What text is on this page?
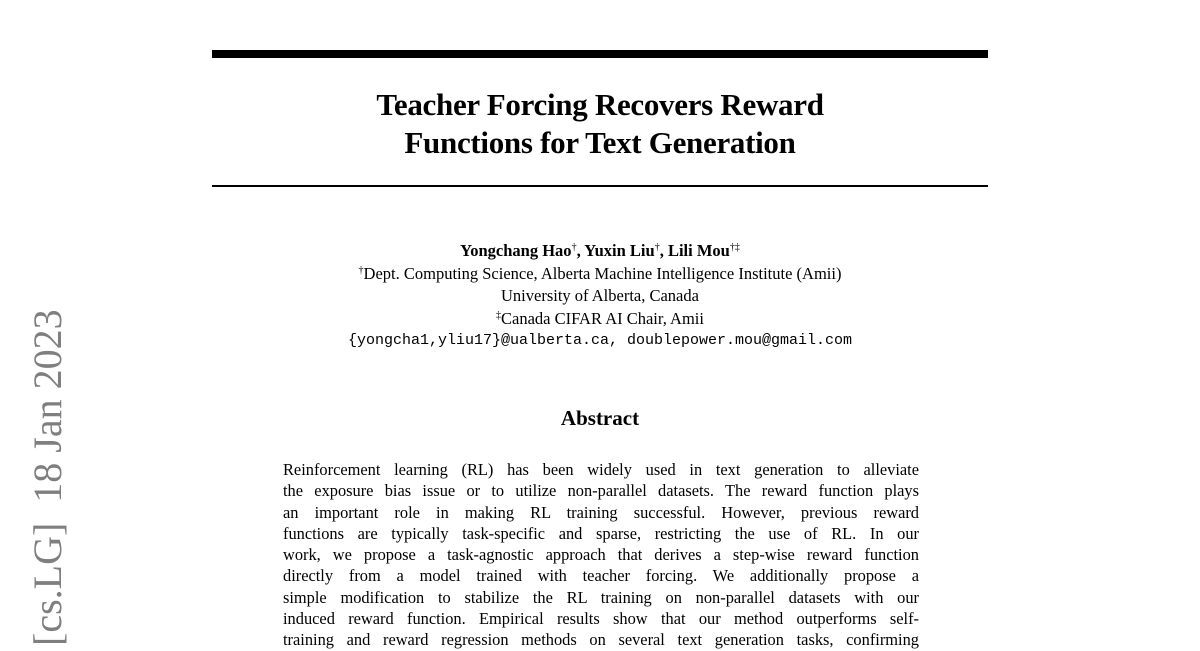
[cs.LG]  18 Jan 2023
Teacher Forcing Recovers Reward
Functions for Text Generation
Yongchang Hao†, Yuxin Liu†, Lili Mou†‡
†Dept. Computing Science, Alberta Machine Intelligence Institute (Amii)
University of Alberta, Canada
‡Canada CIFAR AI Chair, Amii
{yongcha1,yliu17}@ualberta.ca, doublepower.mou@gmail.com
Abstract
Reinforcement learning (RL) has been widely used in text generation to alleviate
the exposure bias issue or to utilize non-parallel datasets. The reward function plays
an important role in making RL training successful. However, previous reward
functions are typically task-specific and sparse, restricting the use of RL. In our
work, we propose a task-agnostic approach that derives a step-wise reward function
directly from a model trained with teacher forcing. We additionally propose a
simple modification to stabilize the RL training on non-parallel datasets with our
induced reward function. Empirical results show that our method outperforms self-
training and reward regression methods on several text generation tasks, confirming
